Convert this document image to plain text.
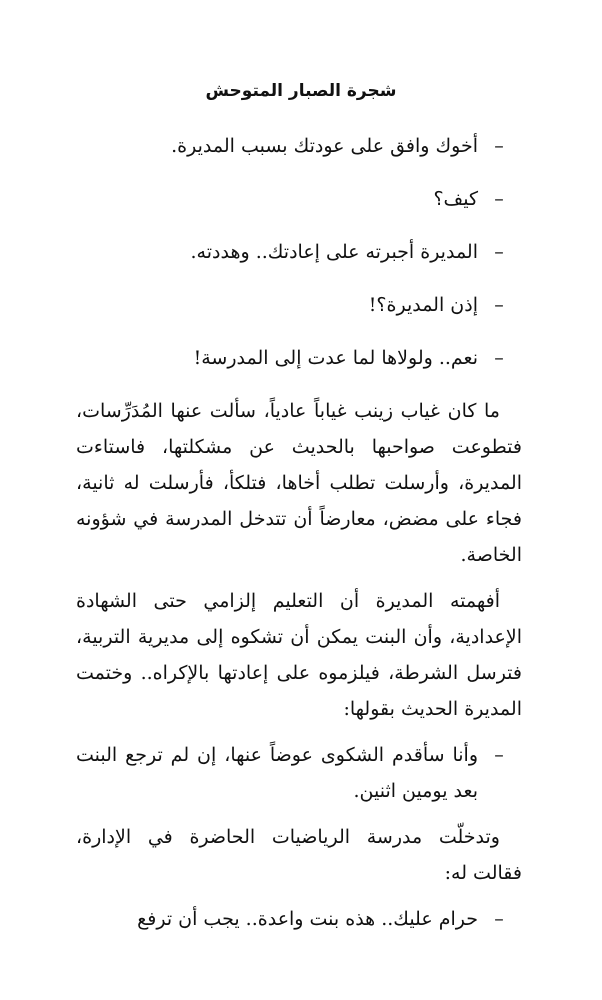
شجرة الصبار المتوحش
–
أخوك وافق على عودتك بسبب المديرة.
–
كيف؟
–
المديرة أجبرته على إعادتك.. وهددته.
–
إذن المديرة؟!
–
نعم.. ولولاها لما عدت إلى المدرسة!

ما كان غياب زينب غياباً عادياً، سألت عنها المُدَرِّسات، فتطوعت صواحبها بالحديث عن مشكلتها، فاستاءت المديرة، وأرسلت تطلب أخاها، فتلكأ، فأرسلت له ثانية، فجاء على مضض، معارضاً أن تتدخل المدرسة في شؤونه الخاصة.

أفهمته المديرة أن التعليم إلزامي حتى الشهادة الإعدادية، وأن البنت يمكن أن تشكوه إلى مديرية التربية، فترسل الشرطة، فيلزموه على إعادتها بالإكراه.. وختمت المديرة الحديث بقولها:

–
وأنا سأقدم الشكوى عوضاً عنها، إن لم ترجع البنت بعد يومين اثنين.

وتدخلّت مدرسة الرياضيات الحاضرة في الإدارة، فقالت له:

–
حرام عليك.. هذه بنت واعدة.. يجب أن ترفع
